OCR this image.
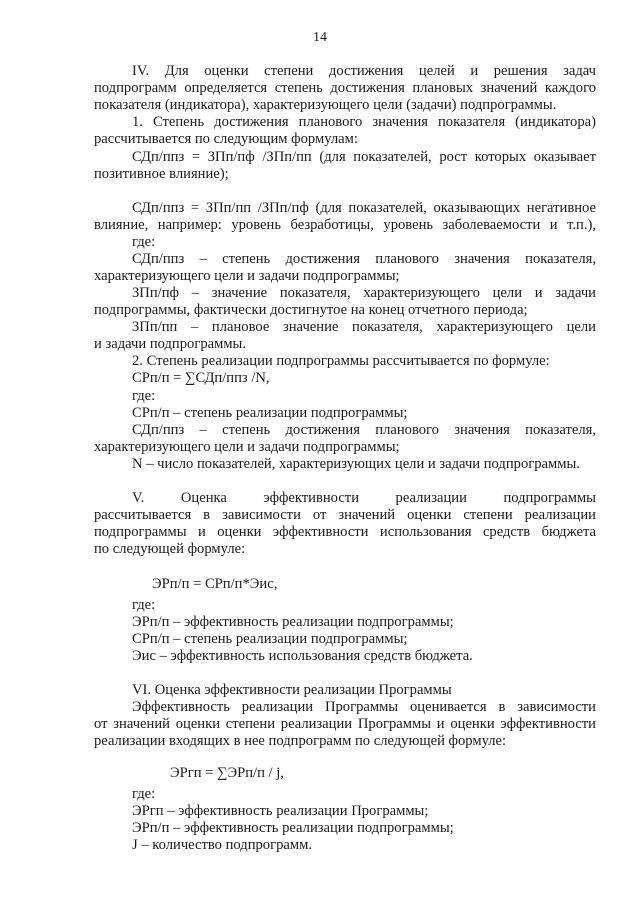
14
IV. Для оценки степени достижения целей и решения задач
подпрограмм определяется степень достижения плановых значений каждого
показателя (индикатора), характеризующего цели (задачи) подпрограммы.
1. Степень достижения планового значения показателя (индикатора)
рассчитывается по следующим формулам:
СДп/ппз = ЗПп/пф /ЗПп/пп (для показателей, рост которых оказывает
позитивное влияние);
СДп/ппз = ЗПп/пп /ЗПп/пф (для показателей, оказывающих негативное
влияние, например: уровень безработицы, уровень заболеваемости и т.п.),
где:
СДп/ппз – степень достижения планового значения показателя,
характеризующего цели и задачи подпрограммы;
ЗПп/пф – значение показателя, характеризующего цели и задачи
подпрограммы, фактически достигнутое на конец отчетного периода;
ЗПп/пп – плановое значение показателя, характеризующего цели
и задачи подпрограммы.
2. Степень реализации подпрограммы рассчитывается по формуле:
СРп/п = ∑СДп/ппз /N,
где:
СРп/п – степень реализации подпрограммы;
СДп/ппз – степень достижения планового значения показателя,
характеризующего цели и задачи подпрограммы;
N – число показателей, характеризующих цели и задачи подпрограммы.
V. Оценка эффективности реализации подпрограммы
рассчитывается в зависимости от значений оценки степени реализации
подпрограммы и оценки эффективности использования средств бюджета
по следующей формуле:
ЭРп/п = СРп/п*Эис,
где:
ЭРп/п – эффективность реализации подпрограммы;
СРп/п – степень реализации подпрограммы;
Эис – эффективность использования средств бюджета.
VI. Оценка эффективности реализации Программы
Эффективность реализации Программы оценивается в зависимости
от значений оценки степени реализации Программы и оценки эффективности
реализации входящих в нее подпрограмм по следующей формуле:
ЭРгп = ∑ЭРп/п / j,
где:
ЭРгп – эффективность реализации Программы;
ЭРп/п – эффективность реализации подпрограммы;
J – количество подпрограмм.
